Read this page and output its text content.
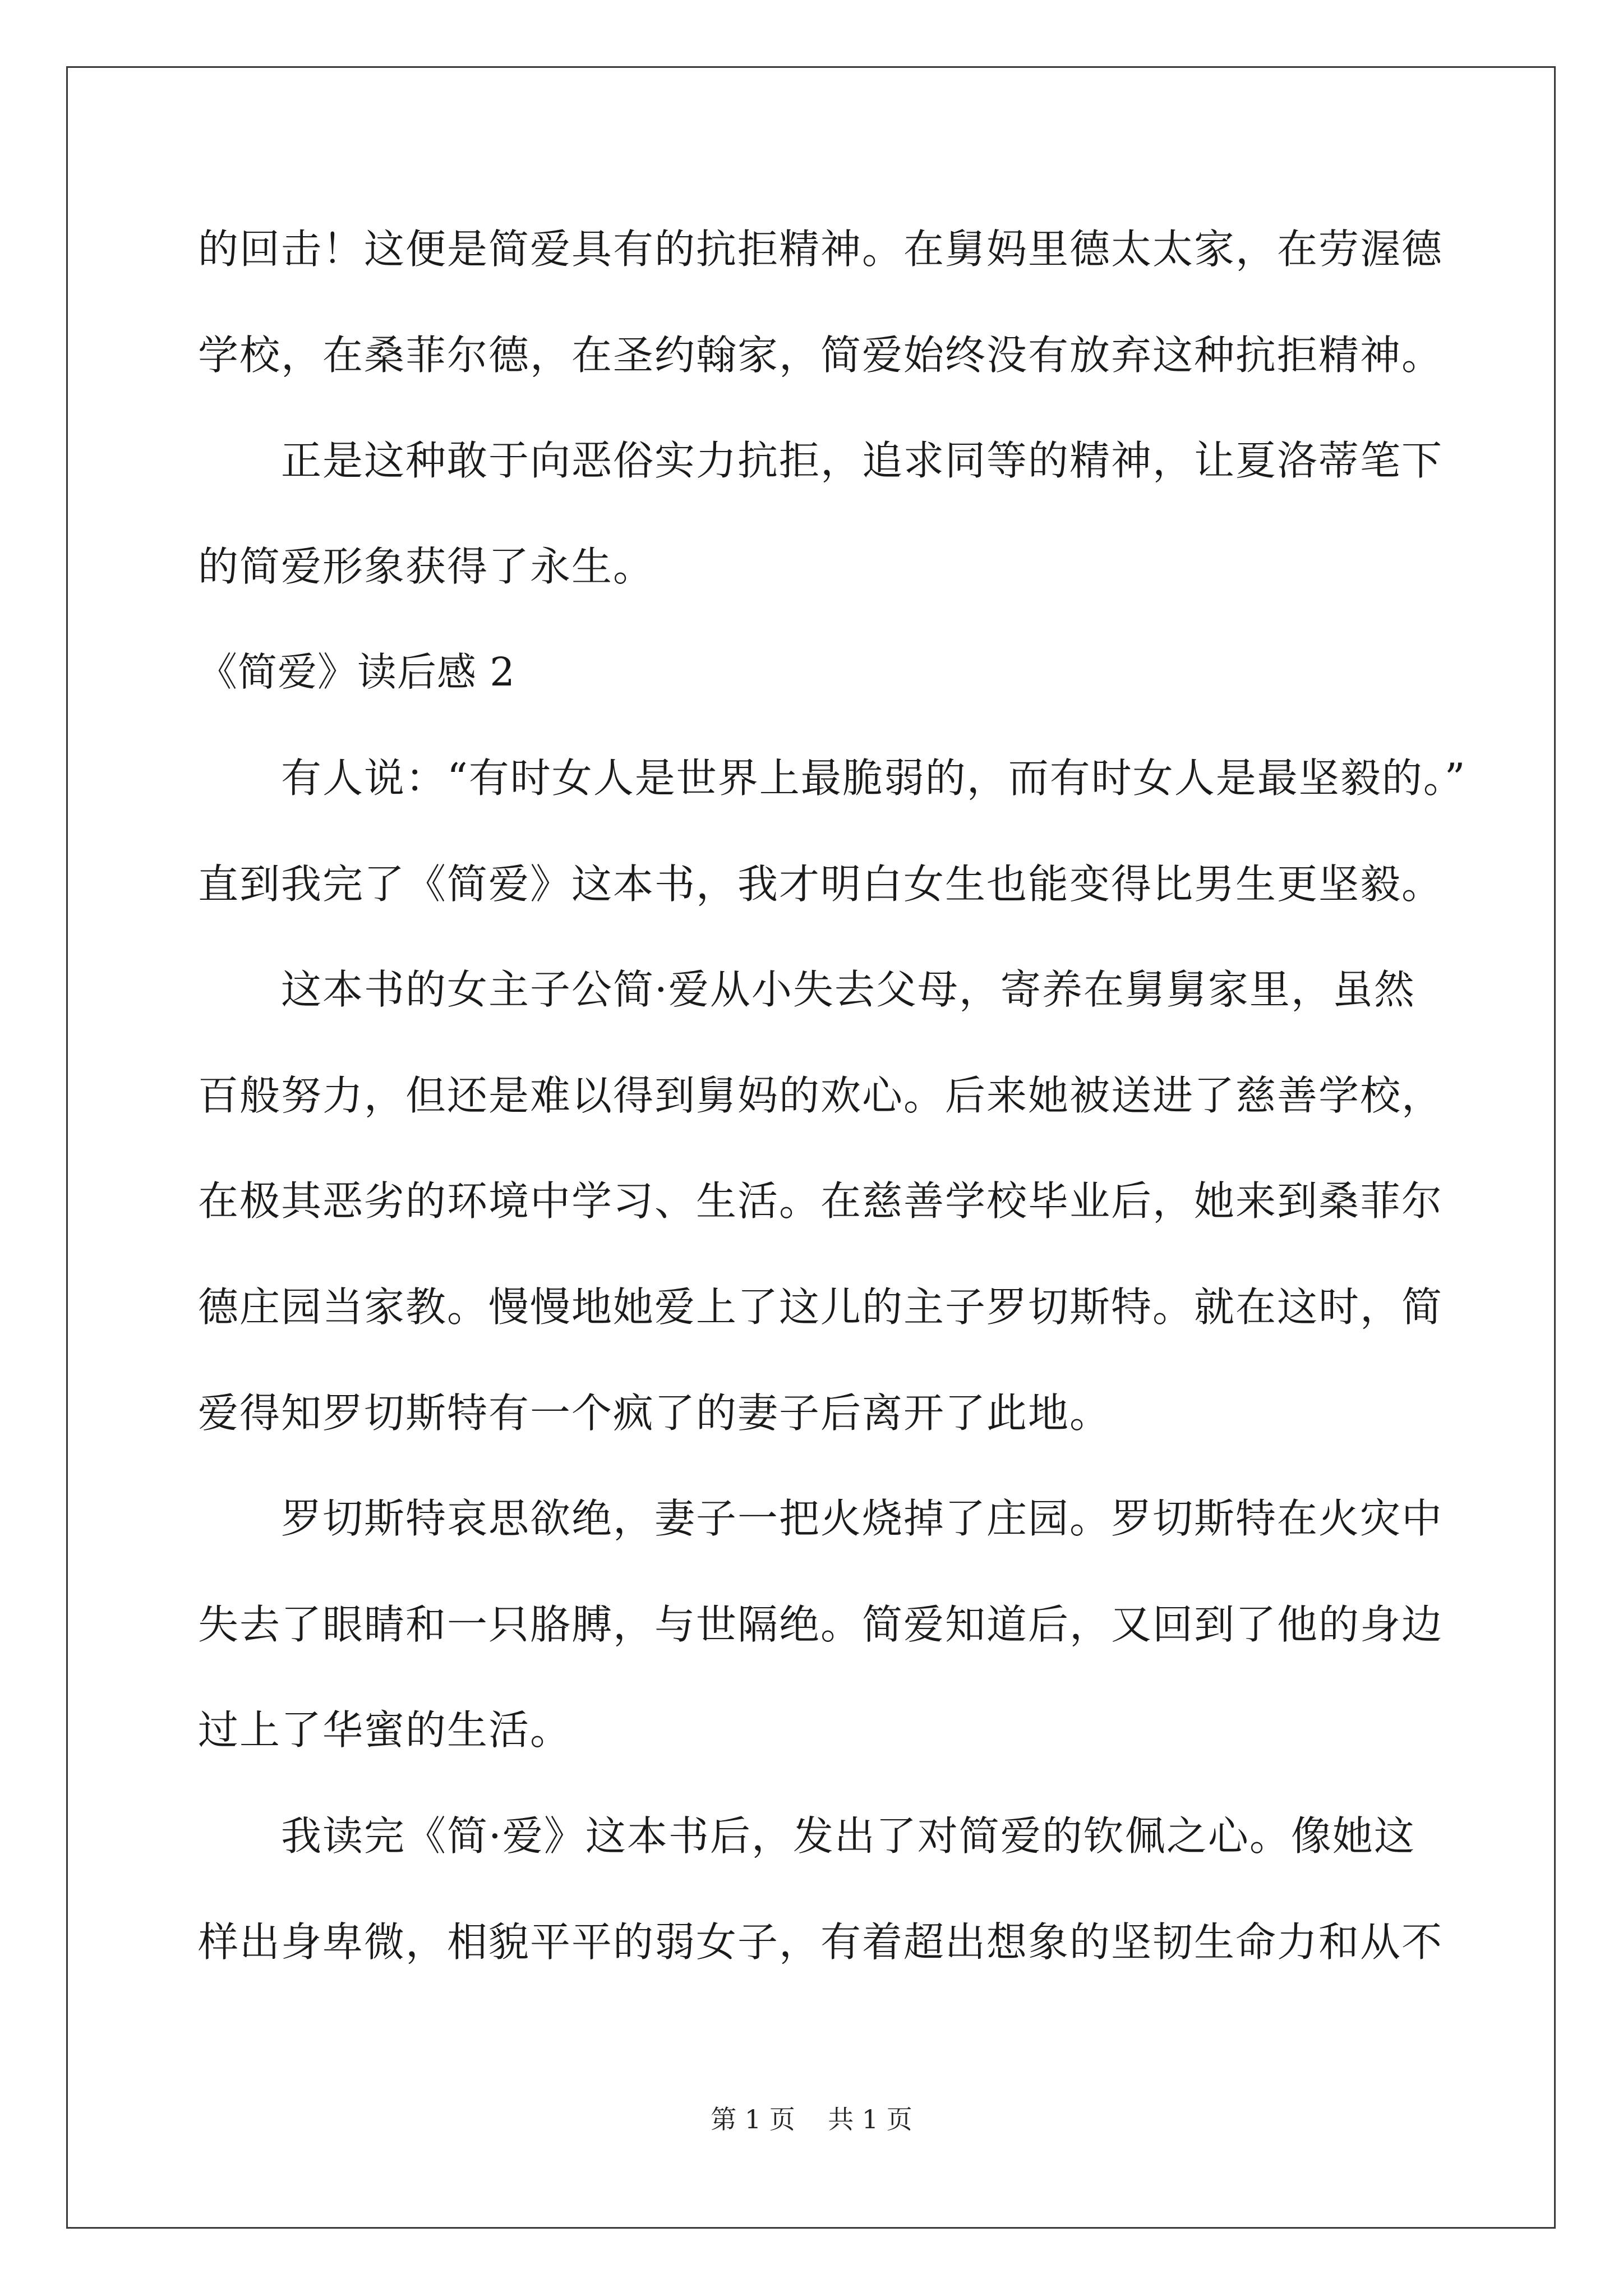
的回击！这便是简爱具有的抗拒精神。在舅妈里德太太家，在劳渥德
学校，在桑菲尔德，在圣约翰家，简爱始终没有放弃这种抗拒精神。
正是这种敢于向恶俗实力抗拒，追求同等的精神，让夏洛蒂笔下
的简爱形象获得了永生。
《简爱》读后感 2
有人说：“有时女人是世界上最脆弱的，而有时女人是最坚毅的。”
直到我完了《简爱》这本书，我才明白女生也能变得比男生更坚毅。
这本书的女主子公简·爱从小失去父母，寄养在舅舅家里，虽然
百般努力，但还是难以得到舅妈的欢心。后来她被送进了慈善学校，
在极其恶劣的环境中学习、生活。在慈善学校毕业后，她来到桑菲尔
德庄园当家教。慢慢地她爱上了这儿的主子罗切斯特。就在这时，简
爱得知罗切斯特有一个疯了的妻子后离开了此地。
罗切斯特哀思欲绝，妻子一把火烧掉了庄园。罗切斯特在火灾中
失去了眼睛和一只胳膊，与世隔绝。简爱知道后，又回到了他的身边
过上了华蜜的生活。
我读完《简·爱》这本书后，发出了对简爱的钦佩之心。像她这
样出身卑微，相貌平平的弱女子，有着超出想象的坚韧生命力和从不
第 1 页 共 1 页
